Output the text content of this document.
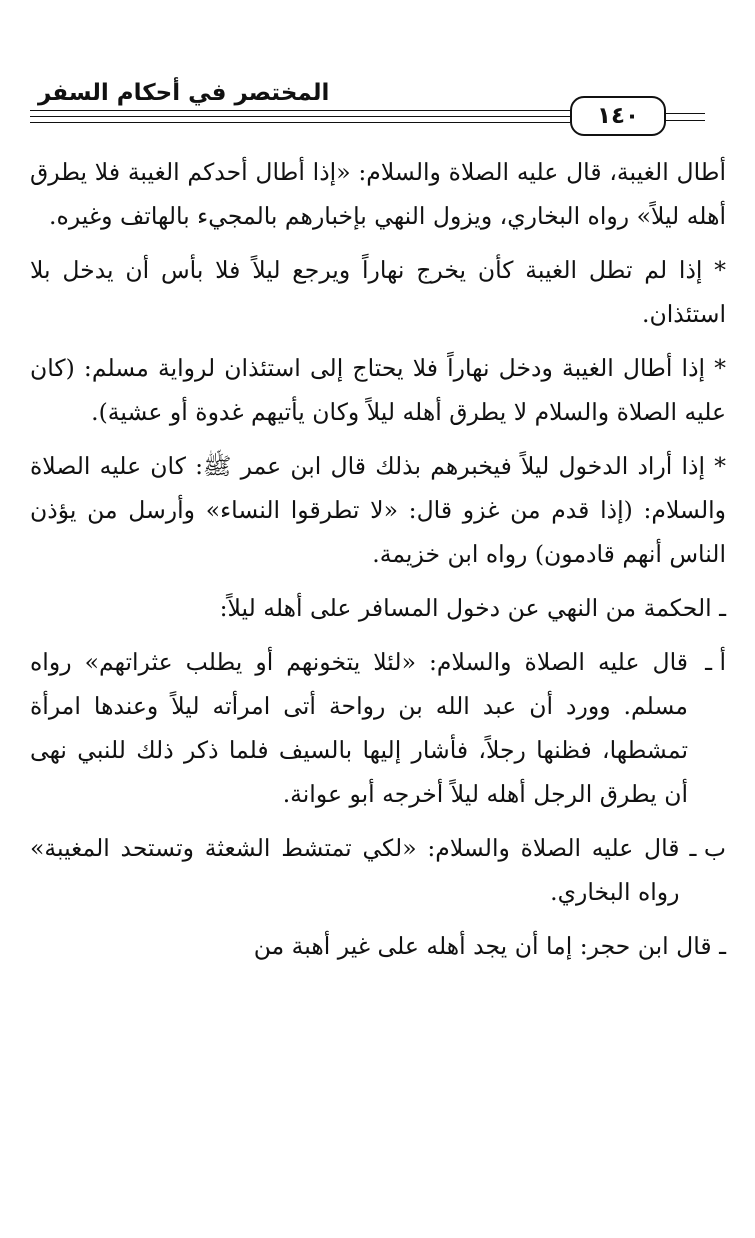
المختصر في أحكام السفر
١٤٠

أطال الغيبة، قال عليه الصلاة والسلام: «إذا أطال أحدكم الغيبة فلا يطرق أهله ليلاً» رواه البخاري، ويزول النهي بإخبارهم بالمجيء بالهاتف وغيره.

* إذا لم تطل الغيبة كأن يخرج نهاراً ويرجع ليلاً فلا بأس أن يدخل بلا استئذان.

* إذا أطال الغيبة ودخل نهاراً فلا يحتاج إلى استئذان لرواية مسلم: (كان عليه الصلاة والسلام لا يطرق أهله ليلاً وكان يأتيهم غدوة أو عشية).

* إذا أراد الدخول ليلاً فيخبرهم بذلك قال ابن عمر ﷺ: كان عليه الصلاة والسلام: (إذا قدم من غزو قال: «لا تطرقوا النساء» وأرسل من يؤذن الناس أنهم قادمون) رواه ابن خزيمة.

ـ الحكمة من النهي عن دخول المسافر على أهله ليلاً:

أ ـ
قال عليه الصلاة والسلام: «لئلا يتخونهم أو يطلب عثراتهم» رواه مسلم. وورد أن عبد الله بن رواحة أتى امرأته ليلاً وعندها امرأة تمشطها، فظنها رجلاً، فأشار إليها بالسيف فلما ذكر ذلك للنبي نهى أن يطرق الرجل أهله ليلاً أخرجه أبو عوانة.
ب ـ
قال عليه الصلاة والسلام: «لكي تمتشط الشعثة وتستحد المغيبة» رواه البخاري.

ـ قال ابن حجر: إما أن يجد أهله على غير أهبة من
